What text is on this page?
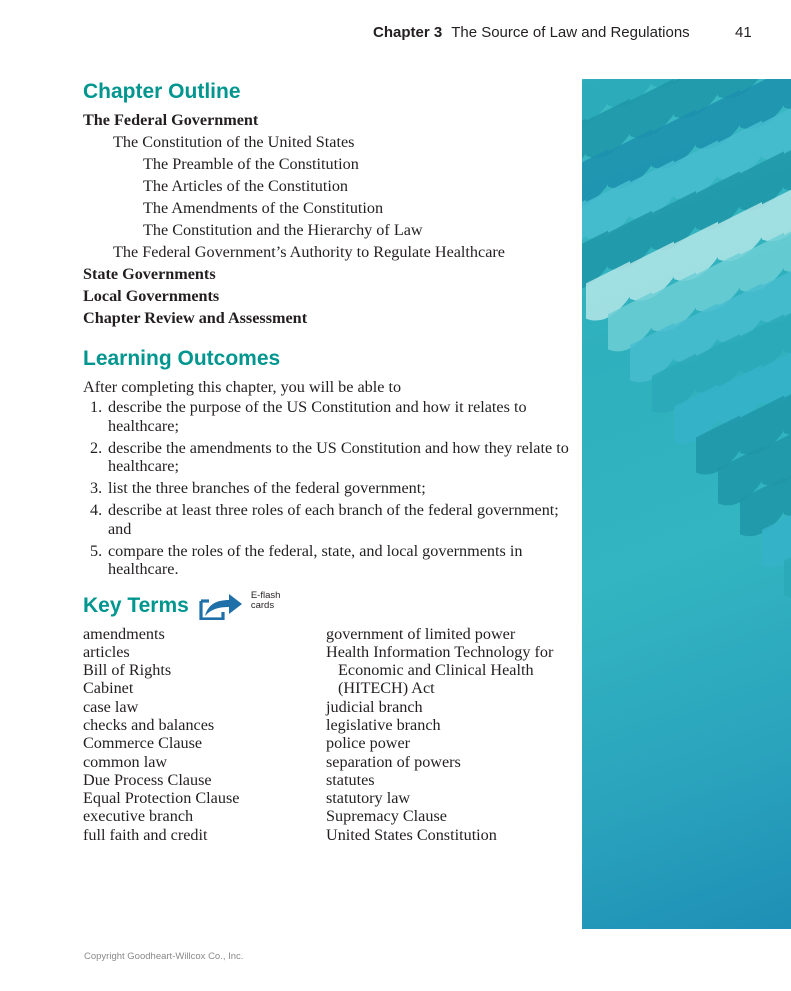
Chapter 3 The Source of Law and Regulations	41
Chapter Outline
The Federal Government
The Constitution of the United States
The Preamble of the Constitution
The Articles of the Constitution
The Amendments of the Constitution
The Constitution and the Hierarchy of Law
The Federal Government’s Authority to Regulate Healthcare
State Governments
Local Governments
Chapter Review and Assessment
Learning Outcomes

After completing this chapter, you will be able to

1. describe the purpose of the US Constitution and how it relates to healthcare;
2. describe the amendments to the US Constitution and how they relate to healthcare;
3. list the three branches of the federal government;
4. describe at least three roles of each branch of the federal government; and
5. compare the roles of the federal, state, and local governments in healthcare.
Key Terms	E-flash cards
amendments
articles
Bill of Rights
Cabinet
case law
checks and balances
Commerce Clause
common law
Due Process Clause
Equal Protection Clause
executive branch
full faith and credit
government of limited power
Health Information Technology for Economic and Clinical Health (HITECH) Act
judicial branch
legislative branch
police power
separation of powers
statutes
statutory law
Supremacy Clause
United States Constitution
Copyright Goodheart-Willcox Co., Inc.
